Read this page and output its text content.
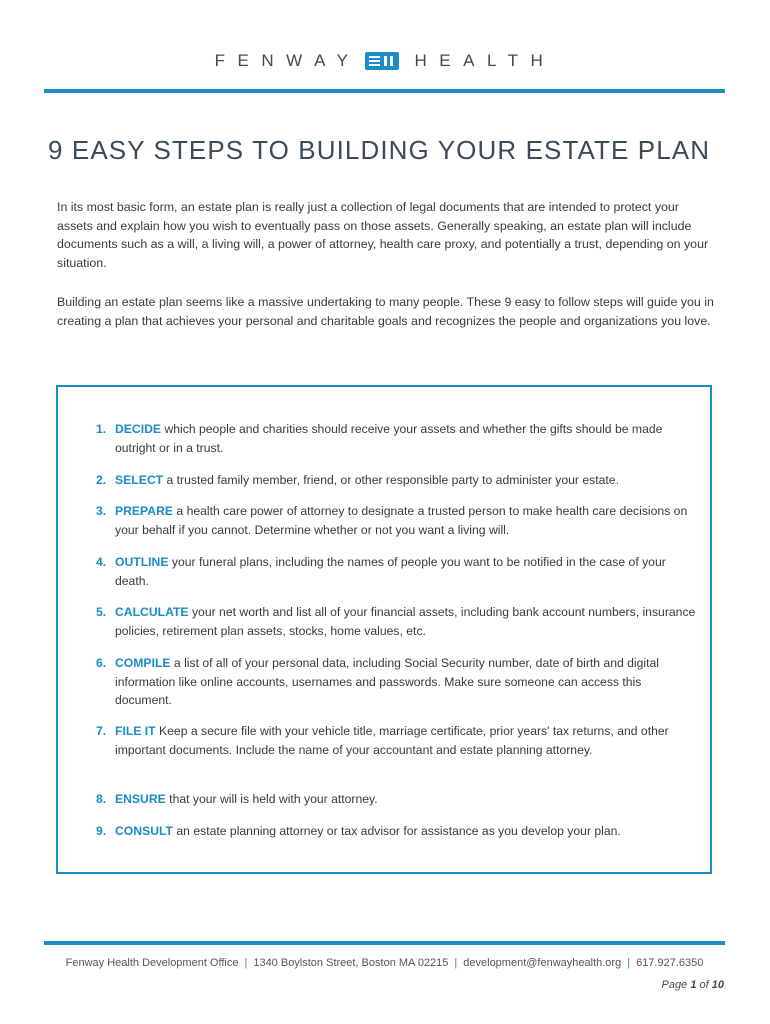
FENWAY	HEALTH
9 EASY STEPS TO BUILDING YOUR ESTATE PLAN

In its most basic form, an estate plan is really just a collection of legal documents that are intended to protect your assets and explain how you wish to eventually pass on those assets. Generally speaking, an estate plan will include documents such as a will, a living will, a power of attorney, health care proxy, and potentially a trust, depending on your situation.

Building an estate plan seems like a massive undertaking to many people. These 9 easy to follow steps will guide you in creating a plan that achieves your personal and charitable goals and recognizes the people and organizations you love.

1. DECIDE which people and charities should receive your assets and whether the gifts should be made outright or in a trust.

2. SELECT a trusted family member, friend, or other responsible party to administer your estate.

3. PREPARE a health care power of attorney to designate a trusted person to make health care decisions on your behalf if you cannot. Determine whether or not you want a living will.

4. OUTLINE your funeral plans, including the names of people you want to be notified in the case of your death.

5. CALCULATE your net worth and list all of your financial assets, including bank account numbers, insurance policies, retirement plan assets, stocks, home values, etc.

6. COMPILE a list of all of your personal data, including Social Security number, date of birth and digital information like online accounts, usernames and passwords. Make sure someone can access this document.

7. FILE IT Keep a secure file with your vehicle title, marriage certificate, prior years' tax returns, and other important documents. Include the name of your accountant and estate planning attorney.

8. ENSURE that your will is held with your attorney.

9. CONSULT an estate planning attorney or tax advisor for assistance as you develop your plan.

Fenway Health Development Office | 1340 Boylston Street, Boston MA 02215 | development@fenwayhealth.org | 617.927.6350
Page 1 of 10
